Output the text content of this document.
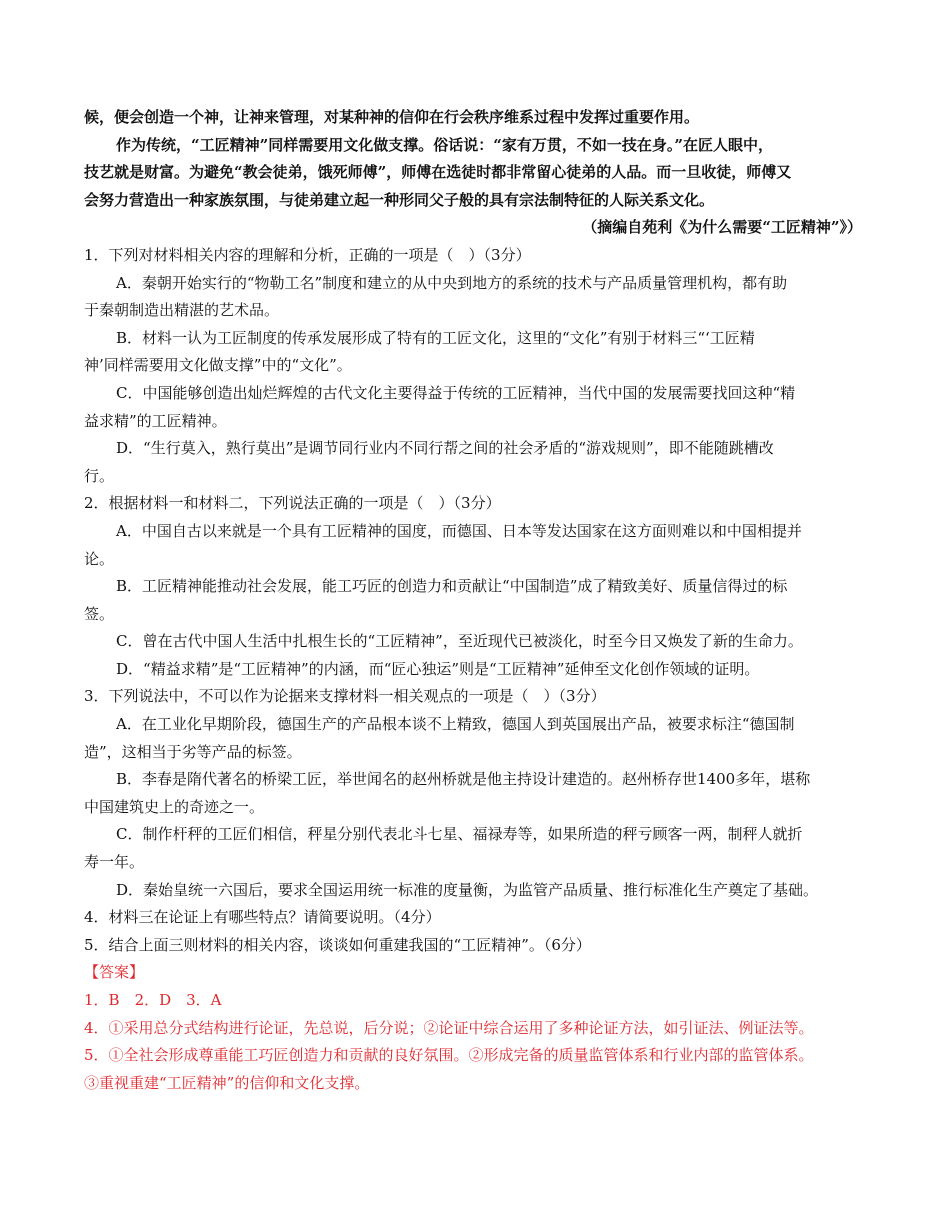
候，便会创造一个神，让神来管理，对某种神的信仰在行会秩序维系过程中发挥过重要作用。
作为传统，“工匠精神”同样需要用文化做支撑。俗话说：“家有万贯，不如一技在身。”在匠人眼中，
技艺就是财富。为避免“教会徒弟，饿死师傅”，师傅在选徒时都非常留心徒弟的人品。而一旦收徒，师傅又
会努力营造出一种家族氛围，与徒弟建立起一种形同父子般的具有宗法制特征的人际关系文化。
（摘编自苑利《为什么需要“工匠精神”》）
1．下列对材料相关内容的理解和分析，正确的一项是（　）（3分）
A．秦朝开始实行的“物勒工名”制度和建立的从中央到地方的系统的技术与产品质量管理机构，都有助
于秦朝制造出精湛的艺术品。
B．材料一认为工匠制度的传承发展形成了特有的工匠文化，这里的“文化”有别于材料三“‘工匠精
神’同样需要用文化做支撑”中的“文化”。
C．中国能够创造出灿烂辉煌的古代文化主要得益于传统的工匠精神，当代中国的发展需要找回这种“精
益求精”的工匠精神。
D．“生行莫入，熟行莫出”是调节同行业内不同行帮之间的社会矛盾的“游戏规则”，即不能随跳槽改
行。
2．根据材料一和材料二，下列说法正确的一项是（　）（3分）
A．中国自古以来就是一个具有工匠精神的国度，而德国、日本等发达国家在这方面则难以和中国相提并
论。
B．工匠精神能推动社会发展，能工巧匠的创造力和贡献让“中国制造”成了精致美好、质量信得过的标
签。
C．曾在古代中国人生活中扎根生长的“工匠精神”，至近现代已被淡化，时至今日又焕发了新的生命力。
D．“精益求精”是“工匠精神”的内涵，而“匠心独运”则是“工匠精神”延伸至文化创作领域的证明。
3．下列说法中，不可以作为论据来支撑材料一相关观点的一项是（　）（3分）
A．在工业化早期阶段，德国生产的产品根本谈不上精致，德国人到英国展出产品，被要求标注“德国制
造”，这相当于劣等产品的标签。
B．李春是隋代著名的桥梁工匠，举世闻名的赵州桥就是他主持设计建造的。赵州桥存世1400多年，堪称
中国建筑史上的奇迹之一。
C．制作杆秤的工匠们相信，秤星分别代表北斗七星、福禄寿等，如果所造的秤亏顾客一两，制秤人就折
寿一年。
D．秦始皇统一六国后，要求全国运用统一标准的度量衡，为监管产品质量、推行标准化生产奠定了基础。
4．材料三在论证上有哪些特点？请简要说明。（4分）
5．结合上面三则材料的相关内容，谈谈如何重建我国的“工匠精神”。（6分）
【答案】
1．B　2．D　3．A
4．①采用总分式结构进行论证，先总说，后分说；②论证中综合运用了多种论证方法，如引证法、例证法等。
5．①全社会形成尊重能工巧匠创造力和贡献的良好氛围。②形成完备的质量监管体系和行业内部的监管体系。
③重视重建“工匠精神”的信仰和文化支撑。
